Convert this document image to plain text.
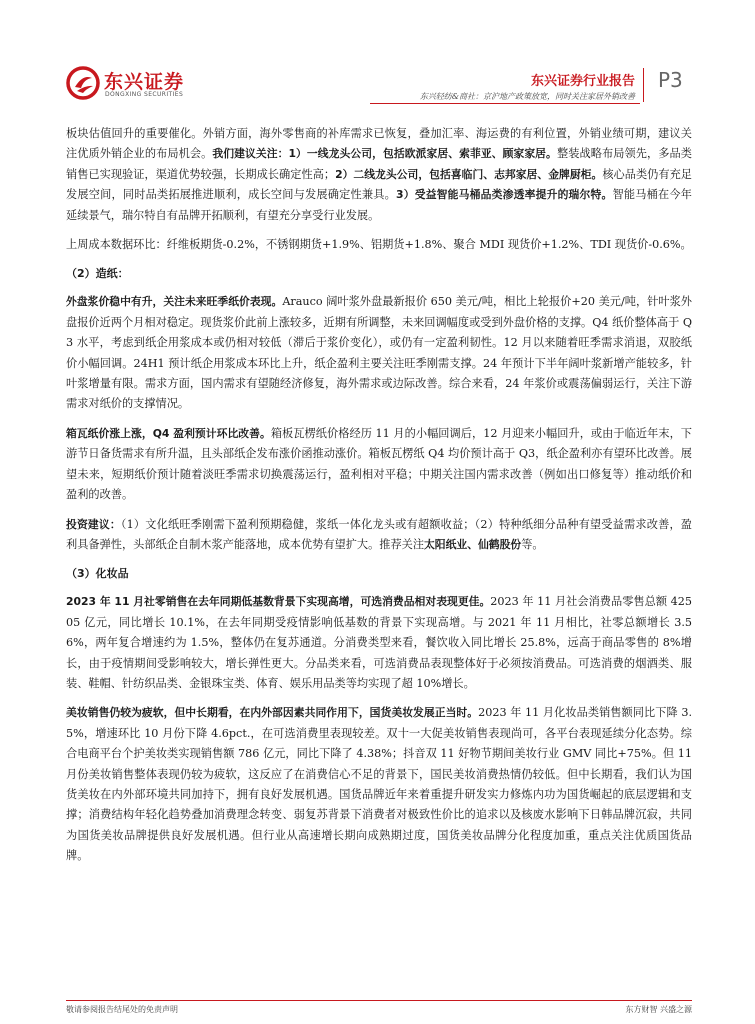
东兴证券
DONGXING SECURITIES
东兴证券行业报告
东兴轻纺&商社：京沪地产政策放宽，同时关注家居外销改善
P3

板块估值回升的重要催化。外销方面，海外零售商的补库需求已恢复，叠加汇率、海运费的有利位置，外销业绩可期，建议关注优质外销企业的布局机会。我们建议关注：1）一线龙头公司，包括欧派家居、索菲亚、顾家家居。整装战略布局领先，多品类销售已实现验证，渠道优势较强，长期成长确定性高；2）二线龙头公司，包括喜临门、志邦家居、金牌厨柜。核心品类仍有充足发展空间，同时品类拓展推进顺利，成长空间与发展确定性兼具。3）受益智能马桶品类渗透率提升的瑞尔特。智能马桶在今年延续景气，瑞尔特自有品牌开拓顺利，有望充分享受行业发展。

上周成本数据环比：纤维板期货-0.2%，不锈钢期货+1.9%、铝期货+1.8%、聚合 MDI 现货价+1.2%、TDI 现货价-0.6%。

（2）造纸：

外盘浆价稳中有升，关注未来旺季纸价表现。Arauco 阔叶浆外盘最新报价 650 美元/吨，相比上轮报价+20 美元/吨，针叶浆外盘报价近两个月相对稳定。现货浆价此前上涨较多，近期有所调整，未来回调幅度或受到外盘价格的支撑。Q4 纸价整体高于 Q3 水平，考虑到纸企用浆成本或仍相对较低（滞后于浆价变化），或仍有一定盈利韧性。12 月以来随着旺季需求消退，双胶纸价小幅回调。24H1 预计纸企用浆成本环比上升，纸企盈利主要关注旺季刚需支撑。24 年预计下半年阔叶浆新增产能较多，针叶浆增量有限。需求方面，国内需求有望随经济修复，海外需求或边际改善。综合来看，24 年浆价或震荡偏弱运行，关注下游需求对纸价的支撑情况。

箱瓦纸价涨上涨，Q4 盈利预计环比改善。箱板瓦楞纸价格经历 11 月的小幅回调后，12 月迎来小幅回升，或由于临近年末，下游节日备货需求有所升温，且头部纸企发布涨价函推动涨价。箱板瓦楞纸 Q4 均价预计高于 Q3，纸企盈利亦有望环比改善。展望未来，短期纸价预计随着淡旺季需求切换震荡运行，盈利相对平稳；中期关注国内需求改善（例如出口修复等）推动纸价和盈利的改善。

投资建议：（1）文化纸旺季刚需下盈利预期稳健，浆纸一体化龙头或有超额收益；（2）特种纸细分品种有望受益需求改善，盈利具备弹性，头部纸企自制木浆产能落地，成本优势有望扩大。推荐关注太阳纸业、仙鹤股份等。

（3）化妆品

2023 年 11 月社零销售在去年同期低基数背景下实现高增，可选消费品相对表现更佳。2023 年 11 月社会消费品零售总额 42505 亿元，同比增长 10.1%，在去年同期受疫情影响低基数的背景下实现高增。与 2021 年 11 月相比，社零总额增长 3.56%，两年复合增速约为 1.5%，整体仍在复苏通道。分消费类型来看，餐饮收入同比增长 25.8%，远高于商品零售的 8%增长，由于疫情期间受影响较大，增长弹性更大。分品类来看，可选消费品表现整体好于必须按消费品。可选消费的烟酒类、服装、鞋帽、针纺织品类、金银珠宝类、体育、娱乐用品类等均实现了超 10%增长。

美妆销售仍较为疲软，但中长期看，在内外部因素共同作用下，国货美妆发展正当时。2023 年 11 月化妆品类销售额同比下降 3.5%，增速环比 10 月份下降 4.6pct.，在可选消费里表现较差。双十一大促美妆销售表现尚可，各平台表现延续分化态势。综合电商平台个护美妆类实现销售额 786 亿元，同比下降了 4.38%；抖音双 11 好物节期间美妆行业 GMV 同比+75%。但 11 月份美妆销售整体表现仍较为疲软，这反应了在消费信心不足的背景下，国民美妆消费热情仍较低。但中长期看，我们认为国货美妆在内外部环境共同加持下，拥有良好发展机遇。国货品牌近年来着重提升研发实力修炼内功为国货崛起的底层逻辑和支撑；消费结构年轻化趋势叠加消费理念转变、弱复苏背景下消费者对极致性价比的追求以及核废水影响下日韩品牌沉寂，共同为国货美妆品牌提供良好发展机遇。但行业从高速增长期向成熟期过度，国货美妆品牌分化程度加重，重点关注优质国货品牌。

敬请参阅报告结尾处的免责声明	东方财智 兴盛之源
